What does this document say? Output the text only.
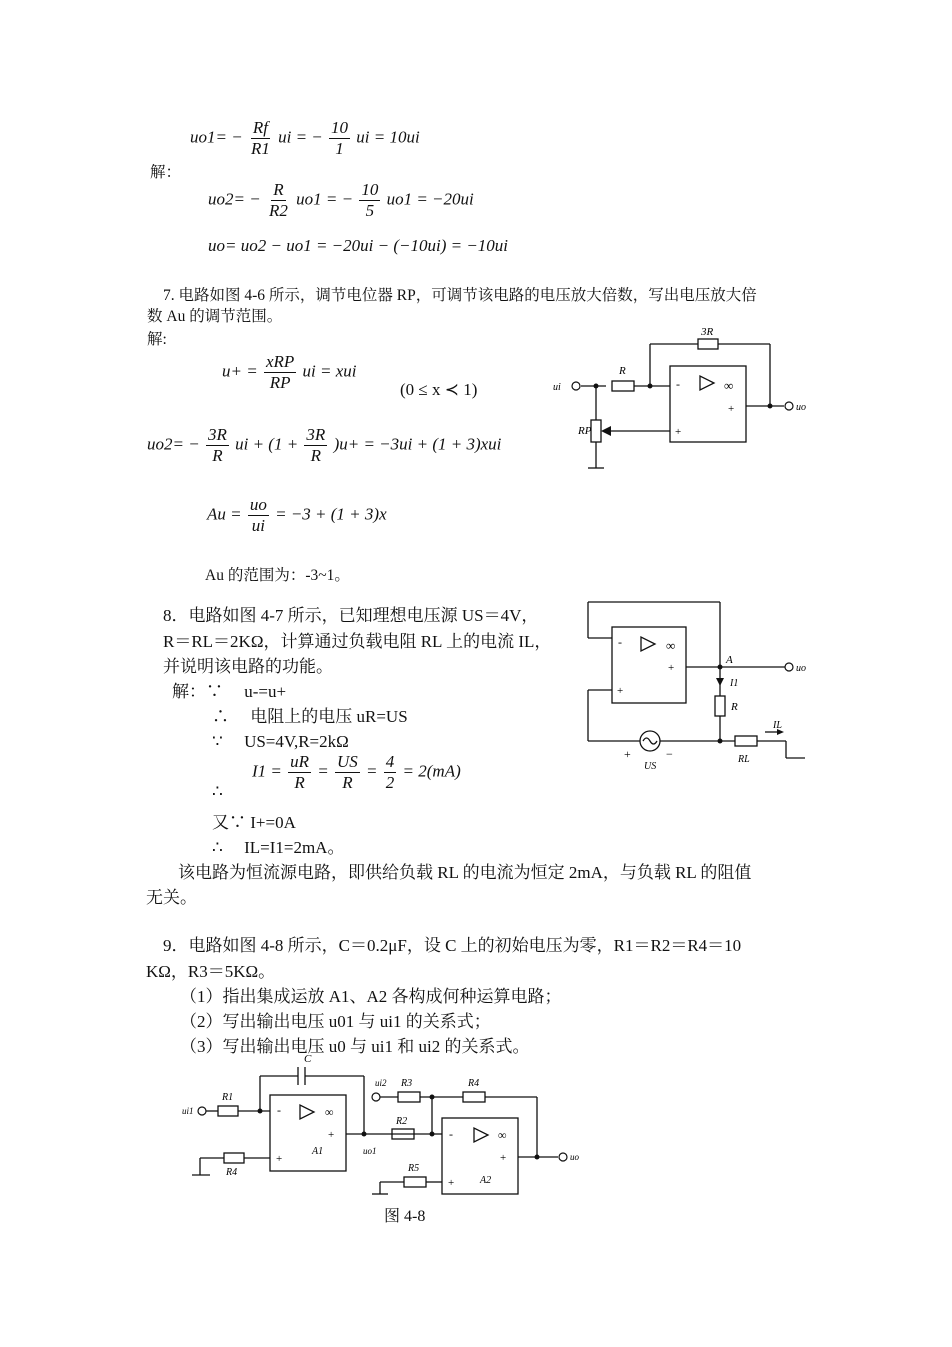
解：
$uo1= - \frac{Rf}{R1}$ ui = − $\frac{10}{1}$ ui = 10ui
$uo2= - \frac{R}{R2} uo1$ = − $\frac{10}{5} uo1 = -20ui$
uo= uo2 − uo1 = −20ui − (−10ui) = −10ui
7. 电路如图 4-6 所示，调节电位器 RP，可调节该电路的电压放大倍数，写出电压放大倍
数 Au 的调节范围。
解:
$u+ = \frac{\text{xRP}}{RP}$ ui = xui
(0 ≤ x ≺ 1)
$uo2= - \frac{3R}{R}$ ui + $(1 + \frac{3R}{R} )u+ = -3ui + (1 + 3)xui$
$Au = \frac{uo}{ui} = -3 + (1 + 3)x$
Au 的范围为：-3~1。
3R
R
RP
ui
uo
-
+
+
∞
8．电路如图 4-7 所示，已知理想电压源 US＝4V，
R＝RL＝2KΩ，计算通过负载电阻 RL 上的电流 IL，
并说明该电路的功能。
解：∵　 u-=u+
∴　 电阻上的电压 uR=US
∵　 US=4V,R=2kΩ
$I1 = \frac{uR}{R} = \frac{US}{R} = \frac{4}{2} = 2(mA)$
∴
又∵ I+=0A
∴　 IL=I1=2mA。
该电路为恒流源电路，即供给负载 RL 的电流为恒定 2mA，与负载 RL 的阻值
无关。
A
I1
R
IL
RL
US
uo
-
+
+
∞
+	−
9．电路如图 4-8 所示，C＝0.2μF，设 C 上的初始电压为零，R1＝R2＝R4＝10
KΩ，R3＝5KΩ。
（1）指出集成运放 A1、A2 各构成何种运算电路；
（2）写出输出电压 u01 与 ui1 的关系式；
（3）写出输出电压 u0 与 ui1 和 ui2 的关系式。
C
R1
ui1
R4
A1	uo1
ui2 R3	R4
R2
R5
A2
uo
-
+
+
∞
-
+
+
∞
图 4-8
